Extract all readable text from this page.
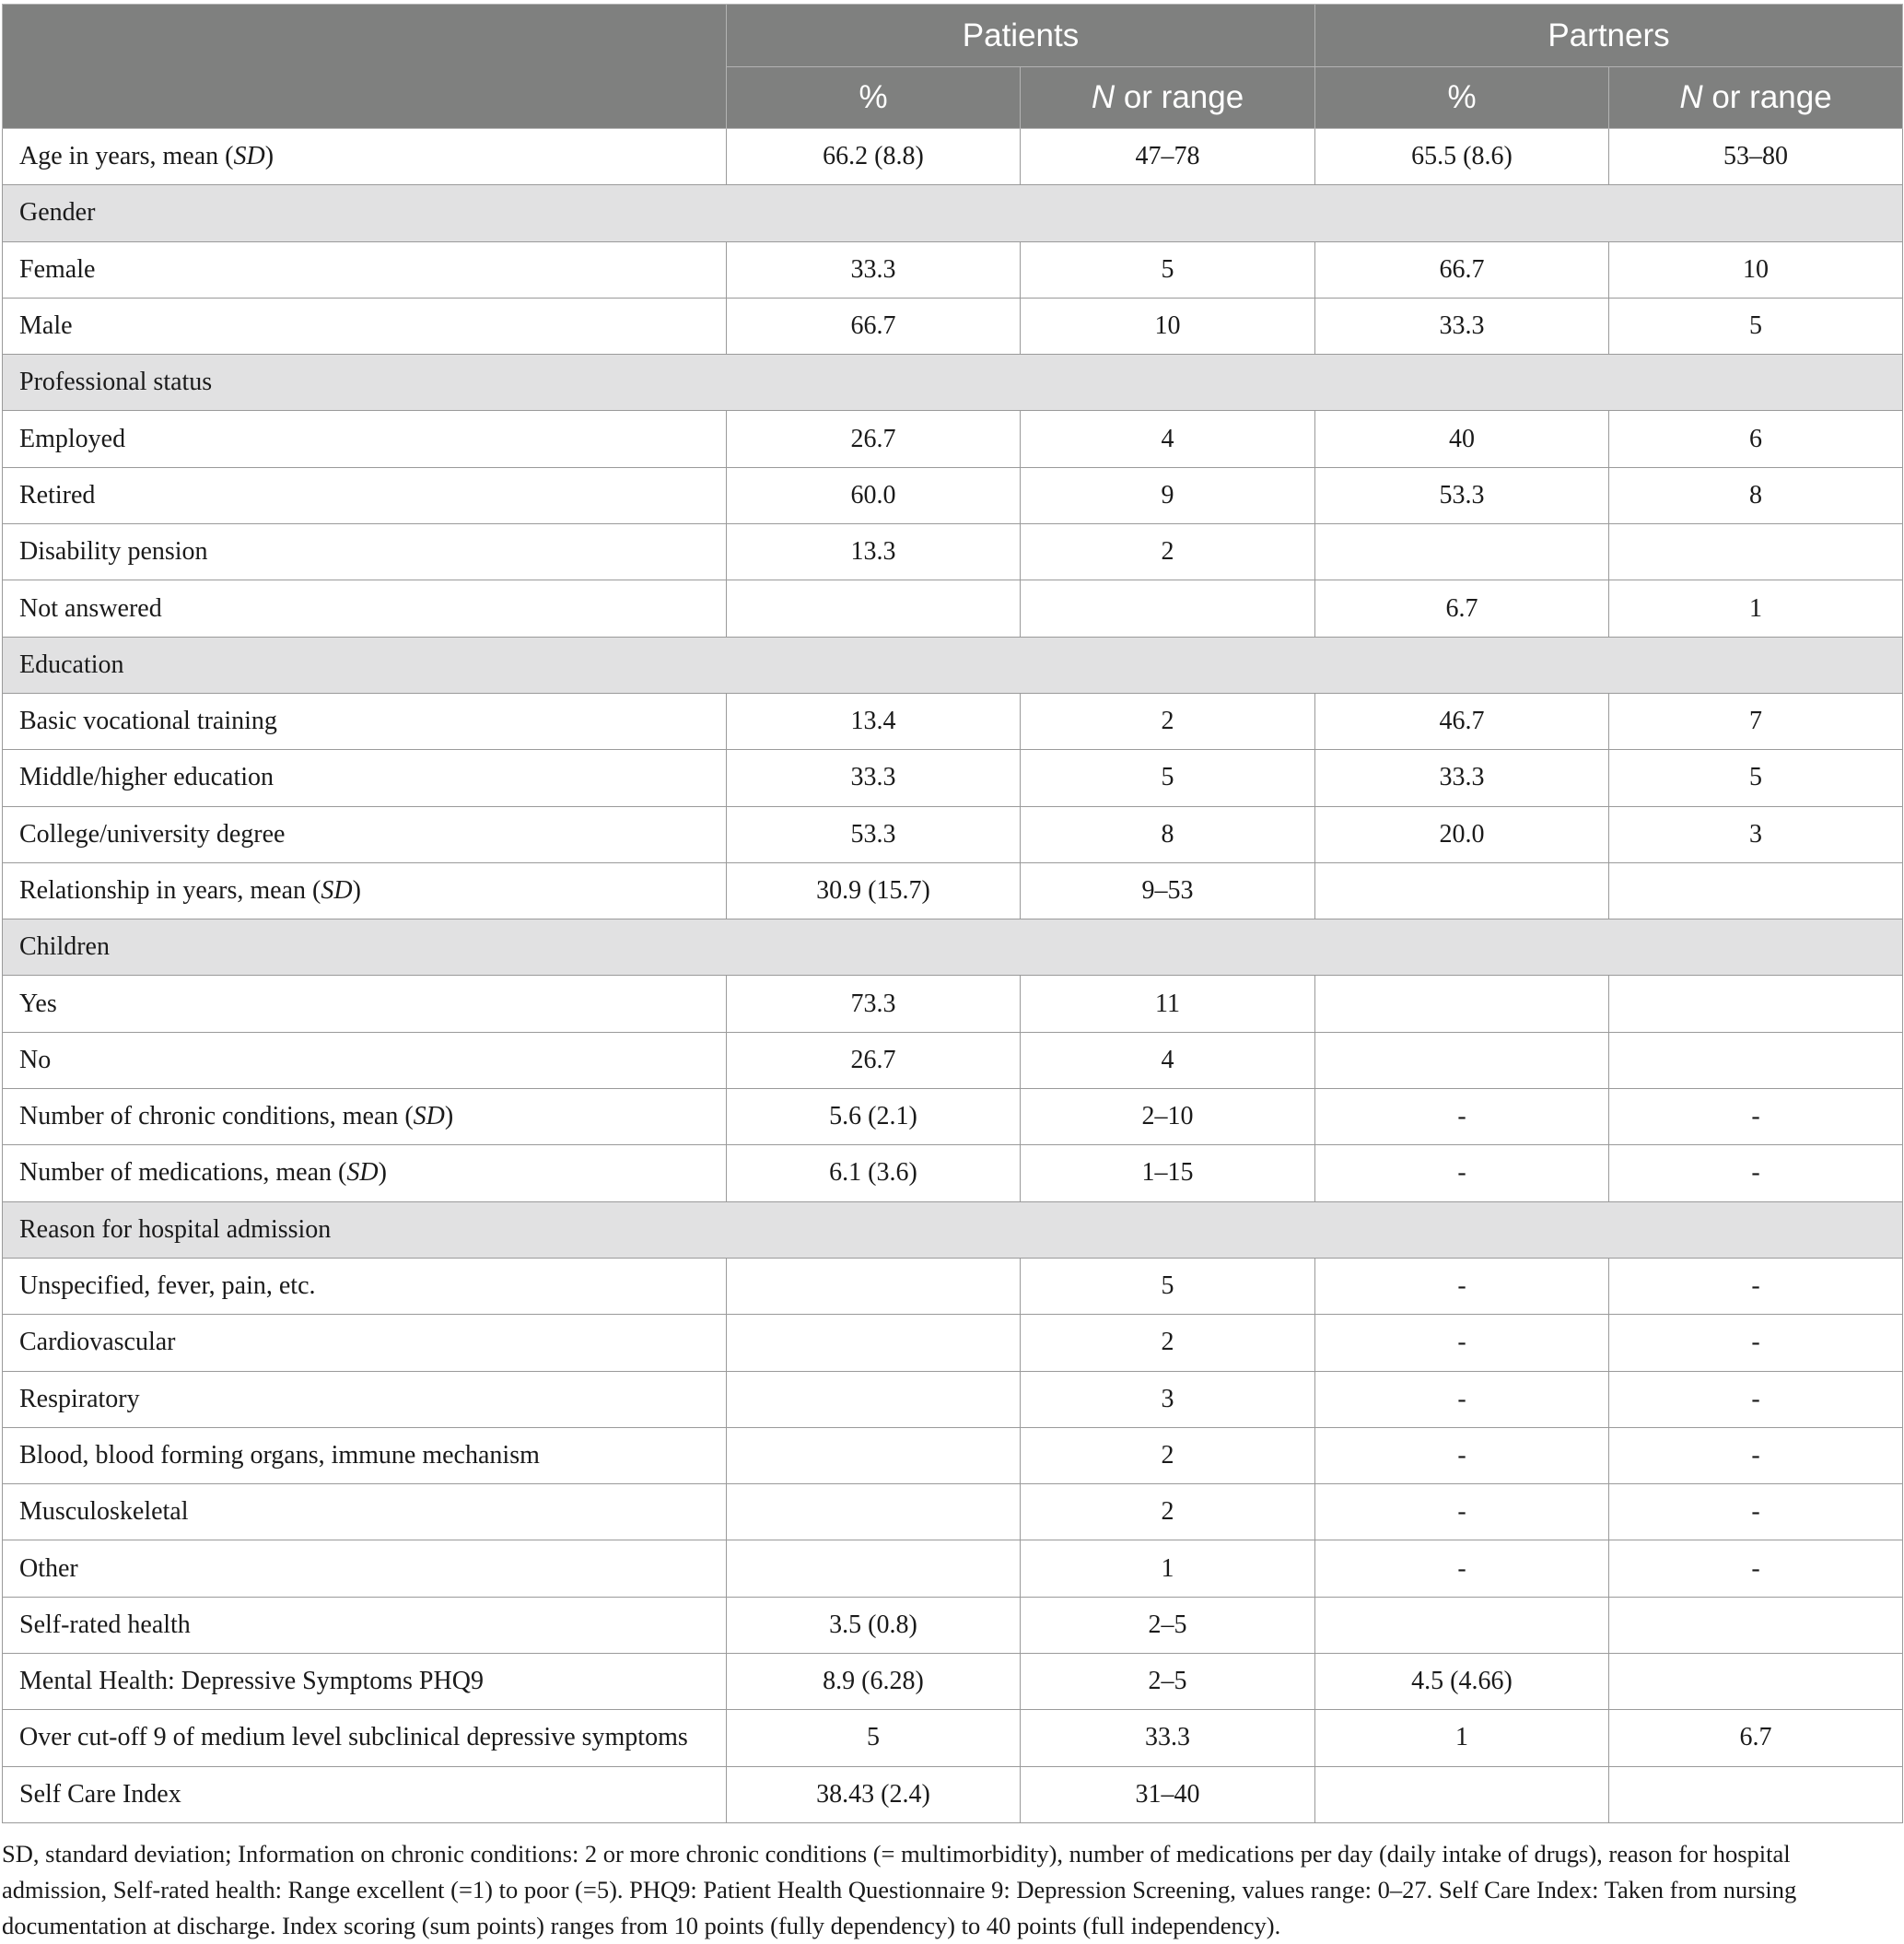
	Patients		Partners	
	%	N or range	%	N or range
Age in years, mean (SD)	66.2 (8.8)	47–78	65.5 (8.6)	53–80
Gender				
Female	33.3	5	66.7	10
Male	66.7	10	33.3	5
Professional status				
Employed	26.7	4	40	6
Retired	60.0	9	53.3	8
Disability pension	13.3	2		
Not answered			6.7	1
Education				
Basic vocational training	13.4	2	46.7	7
Middle/higher education	33.3	5	33.3	5
College/university degree	53.3	8	20.0	3
Relationship in years, mean (SD)	30.9 (15.7)	9–53		
Children				
Yes	73.3	11		
No	26.7	4		
Number of chronic conditions, mean (SD)	5.6 (2.1)	2–10	-	-
Number of medications, mean (SD)	6.1 (3.6)	1–15	-	-
Reason for hospital admission				
Unspecified, fever, pain, etc.		5	-	-
Cardiovascular		2	-	-
Respiratory		3	-	-
Blood, blood forming organs, immune mechanism		2	-	-
Musculoskeletal		2	-	-
Other		1	-	-
Self-rated health	3.5 (0.8)	2–5		
Mental Health: Depressive Symptoms PHQ9	8.9 (6.28)	2–5	4.5 (4.66)	
Over cut-off 9 of medium level subclinical depressive symptoms	5	33.3	1	6.7
Self Care Index	38.43 (2.4)	31–40		

SD, standard deviation; Information on chronic conditions: 2 or more chronic conditions (= multimorbidity), number of medications per day (daily intake of drugs), reason for hospital admission, Self-rated health: Range excellent (=1) to poor (=5). PHQ9: Patient Health Questionnaire 9: Depression Screening, values range: 0–27. Self Care Index: Taken from nursing documentation at discharge. Index scoring (sum points) ranges from 10 points (fully dependency) to 40 points (full independency).
